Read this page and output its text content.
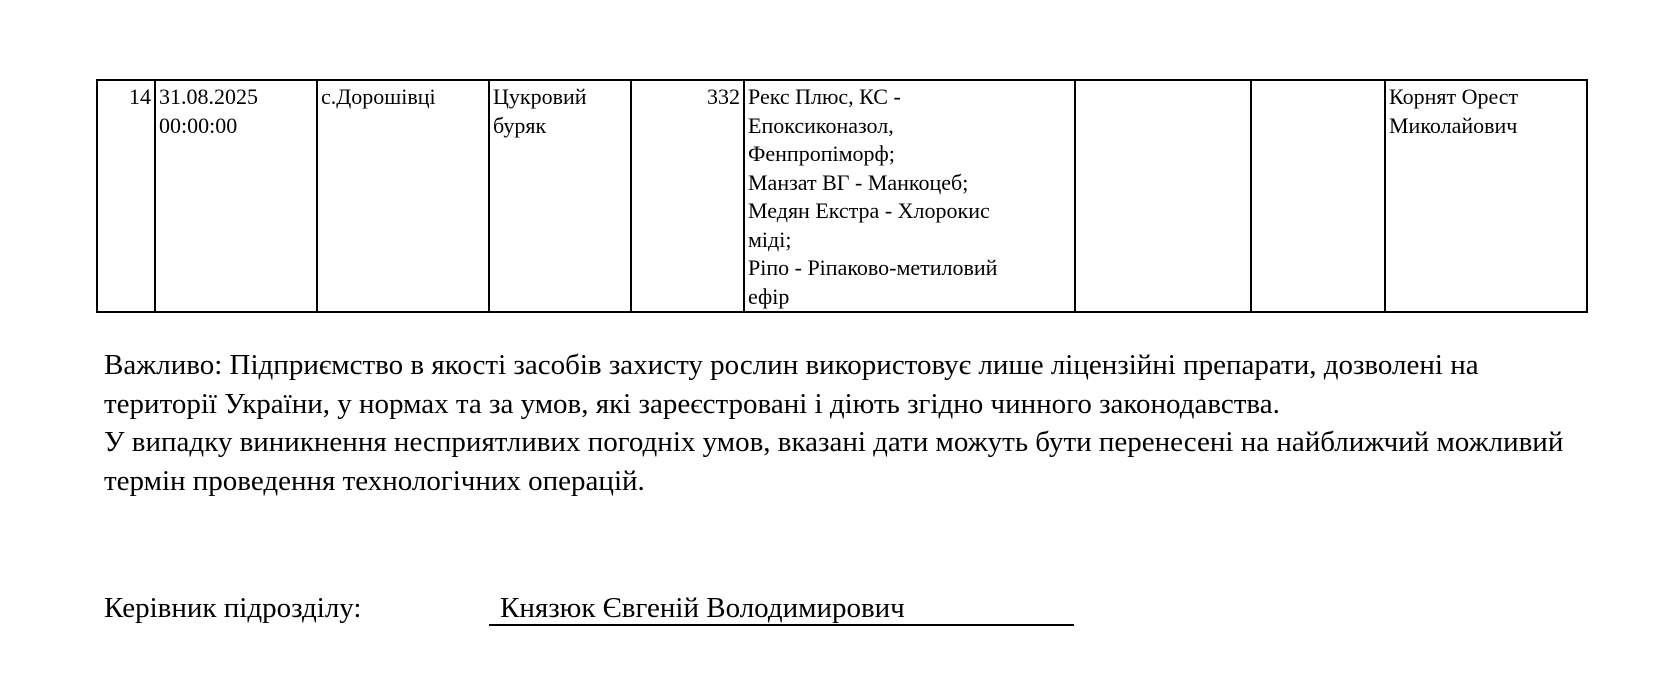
14	31.08.2025
00:00:00	с.Дорошівці	Цукровий
буряк	332	Рекс Плюс, КС -
Епоксиконазол,
Фенпропіморф;
Манзат ВГ - Манкоцеб;
Медян Екстра - Хлорокис
міді;
Ріпо - Ріпаково-метиловий
ефір			Корнят Орест
Миколайович

Важливо: Підприємство в якості засобів захисту рослин використовує лише ліцензійні препарати, дозволені на території України, у нормах та за умов, які зареєстровані і діють згідно чинного законодавства.

У випадку виникнення несприятливих погодніх умов, вказані дати можуть бути перенесені на найближчий можливий термін проведення технологічних операцій.

Керівник підрозділу:	Князюк Євгеній Володимирович
